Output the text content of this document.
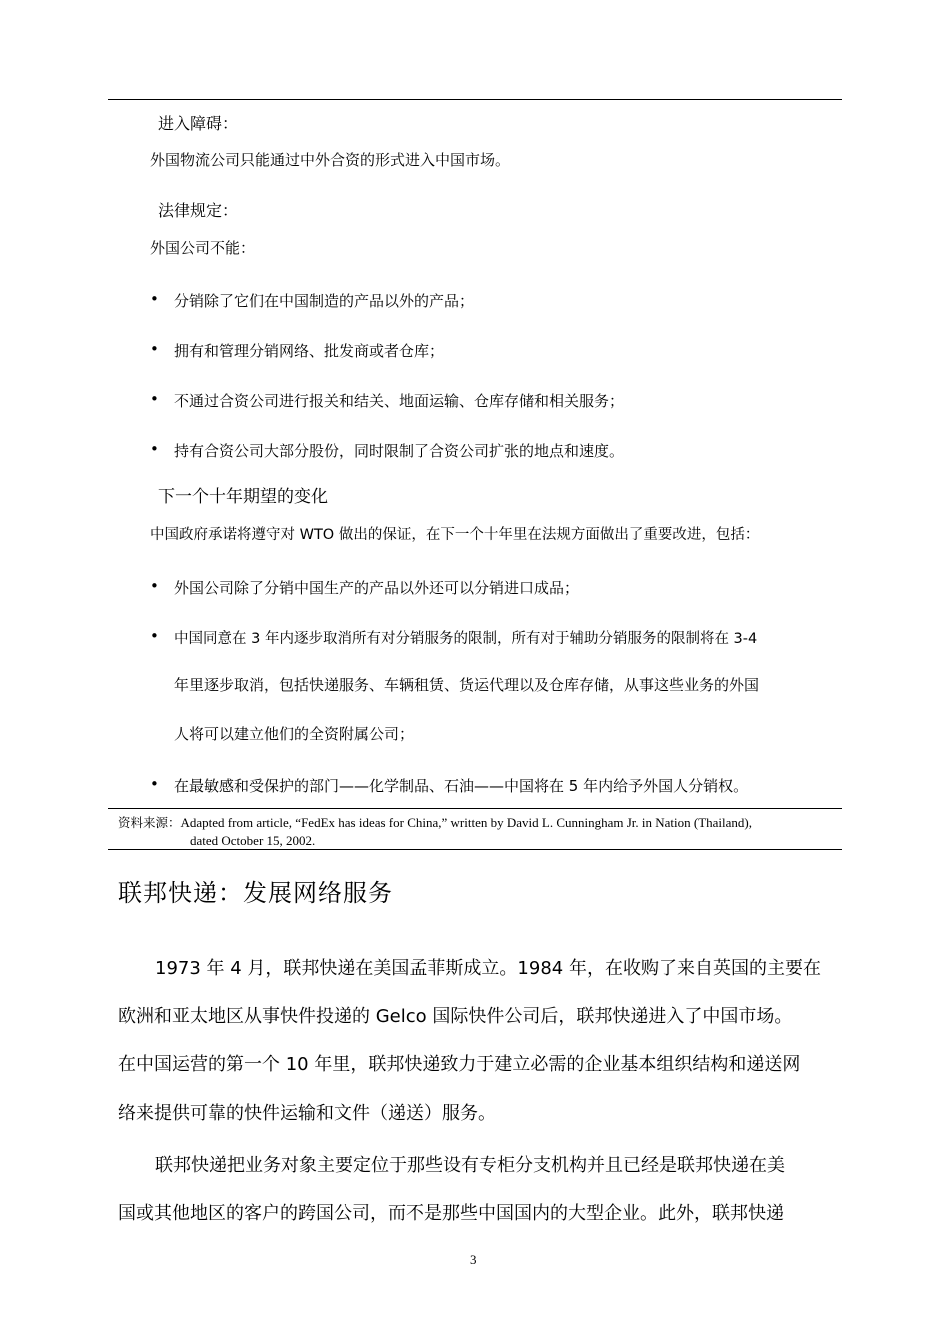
进入障碍：
外国物流公司只能通过中外合资的形式进入中国市场。
法律规定：
外国公司不能：
•	分销除了它们在中国制造的产品以外的产品；
•	拥有和管理分销网络、批发商或者仓库；
•	不通过合资公司进行报关和结关、地面运输、仓库存储和相关服务；
•	持有合资公司大部分股份，同时限制了合资公司扩张的地点和速度。
下一个十年期望的变化
中国政府承诺将遵守对 WTO 做出的保证，在下一个十年里在法规方面做出了重要改进，包括：
•	外国公司除了分销中国生产的产品以外还可以分销进口成品；
•	中国同意在 3 年内逐步取消所有对分销服务的限制，所有对于辅助分销服务的限制将在 3-4
年里逐步取消，包括快递服务、车辆租赁、货运代理以及仓库存储，从事这些业务的外国
人将可以建立他们的全资附属公司；
•	在最敏感和受保护的部门——化学制品、石油——中国将在 5 年内给予外国人分销权。
资料来源：Adapted from article, “FedEx has ideas for China,” written by David L. Cunningham Jr. in Nation (Thailand),
dated October 15, 2002.
联邦快递：发展网络服务
1973 年 4 月，联邦快递在美国孟菲斯成立。1984 年，在收购了来自英国的主要在
欧洲和亚太地区从事快件投递的 Gelco 国际快件公司后，联邦快递进入了中国市场。
在中国运营的第一个 10 年里，联邦快递致力于建立必需的企业基本组织结构和递送网
络来提供可靠的快件运输和文件（递送）服务。
联邦快递把业务对象主要定位于那些设有专柜分支机构并且已经是联邦快递在美
国或其他地区的客户的跨国公司，而不是那些中国国内的大型企业。此外，联邦快递
3
